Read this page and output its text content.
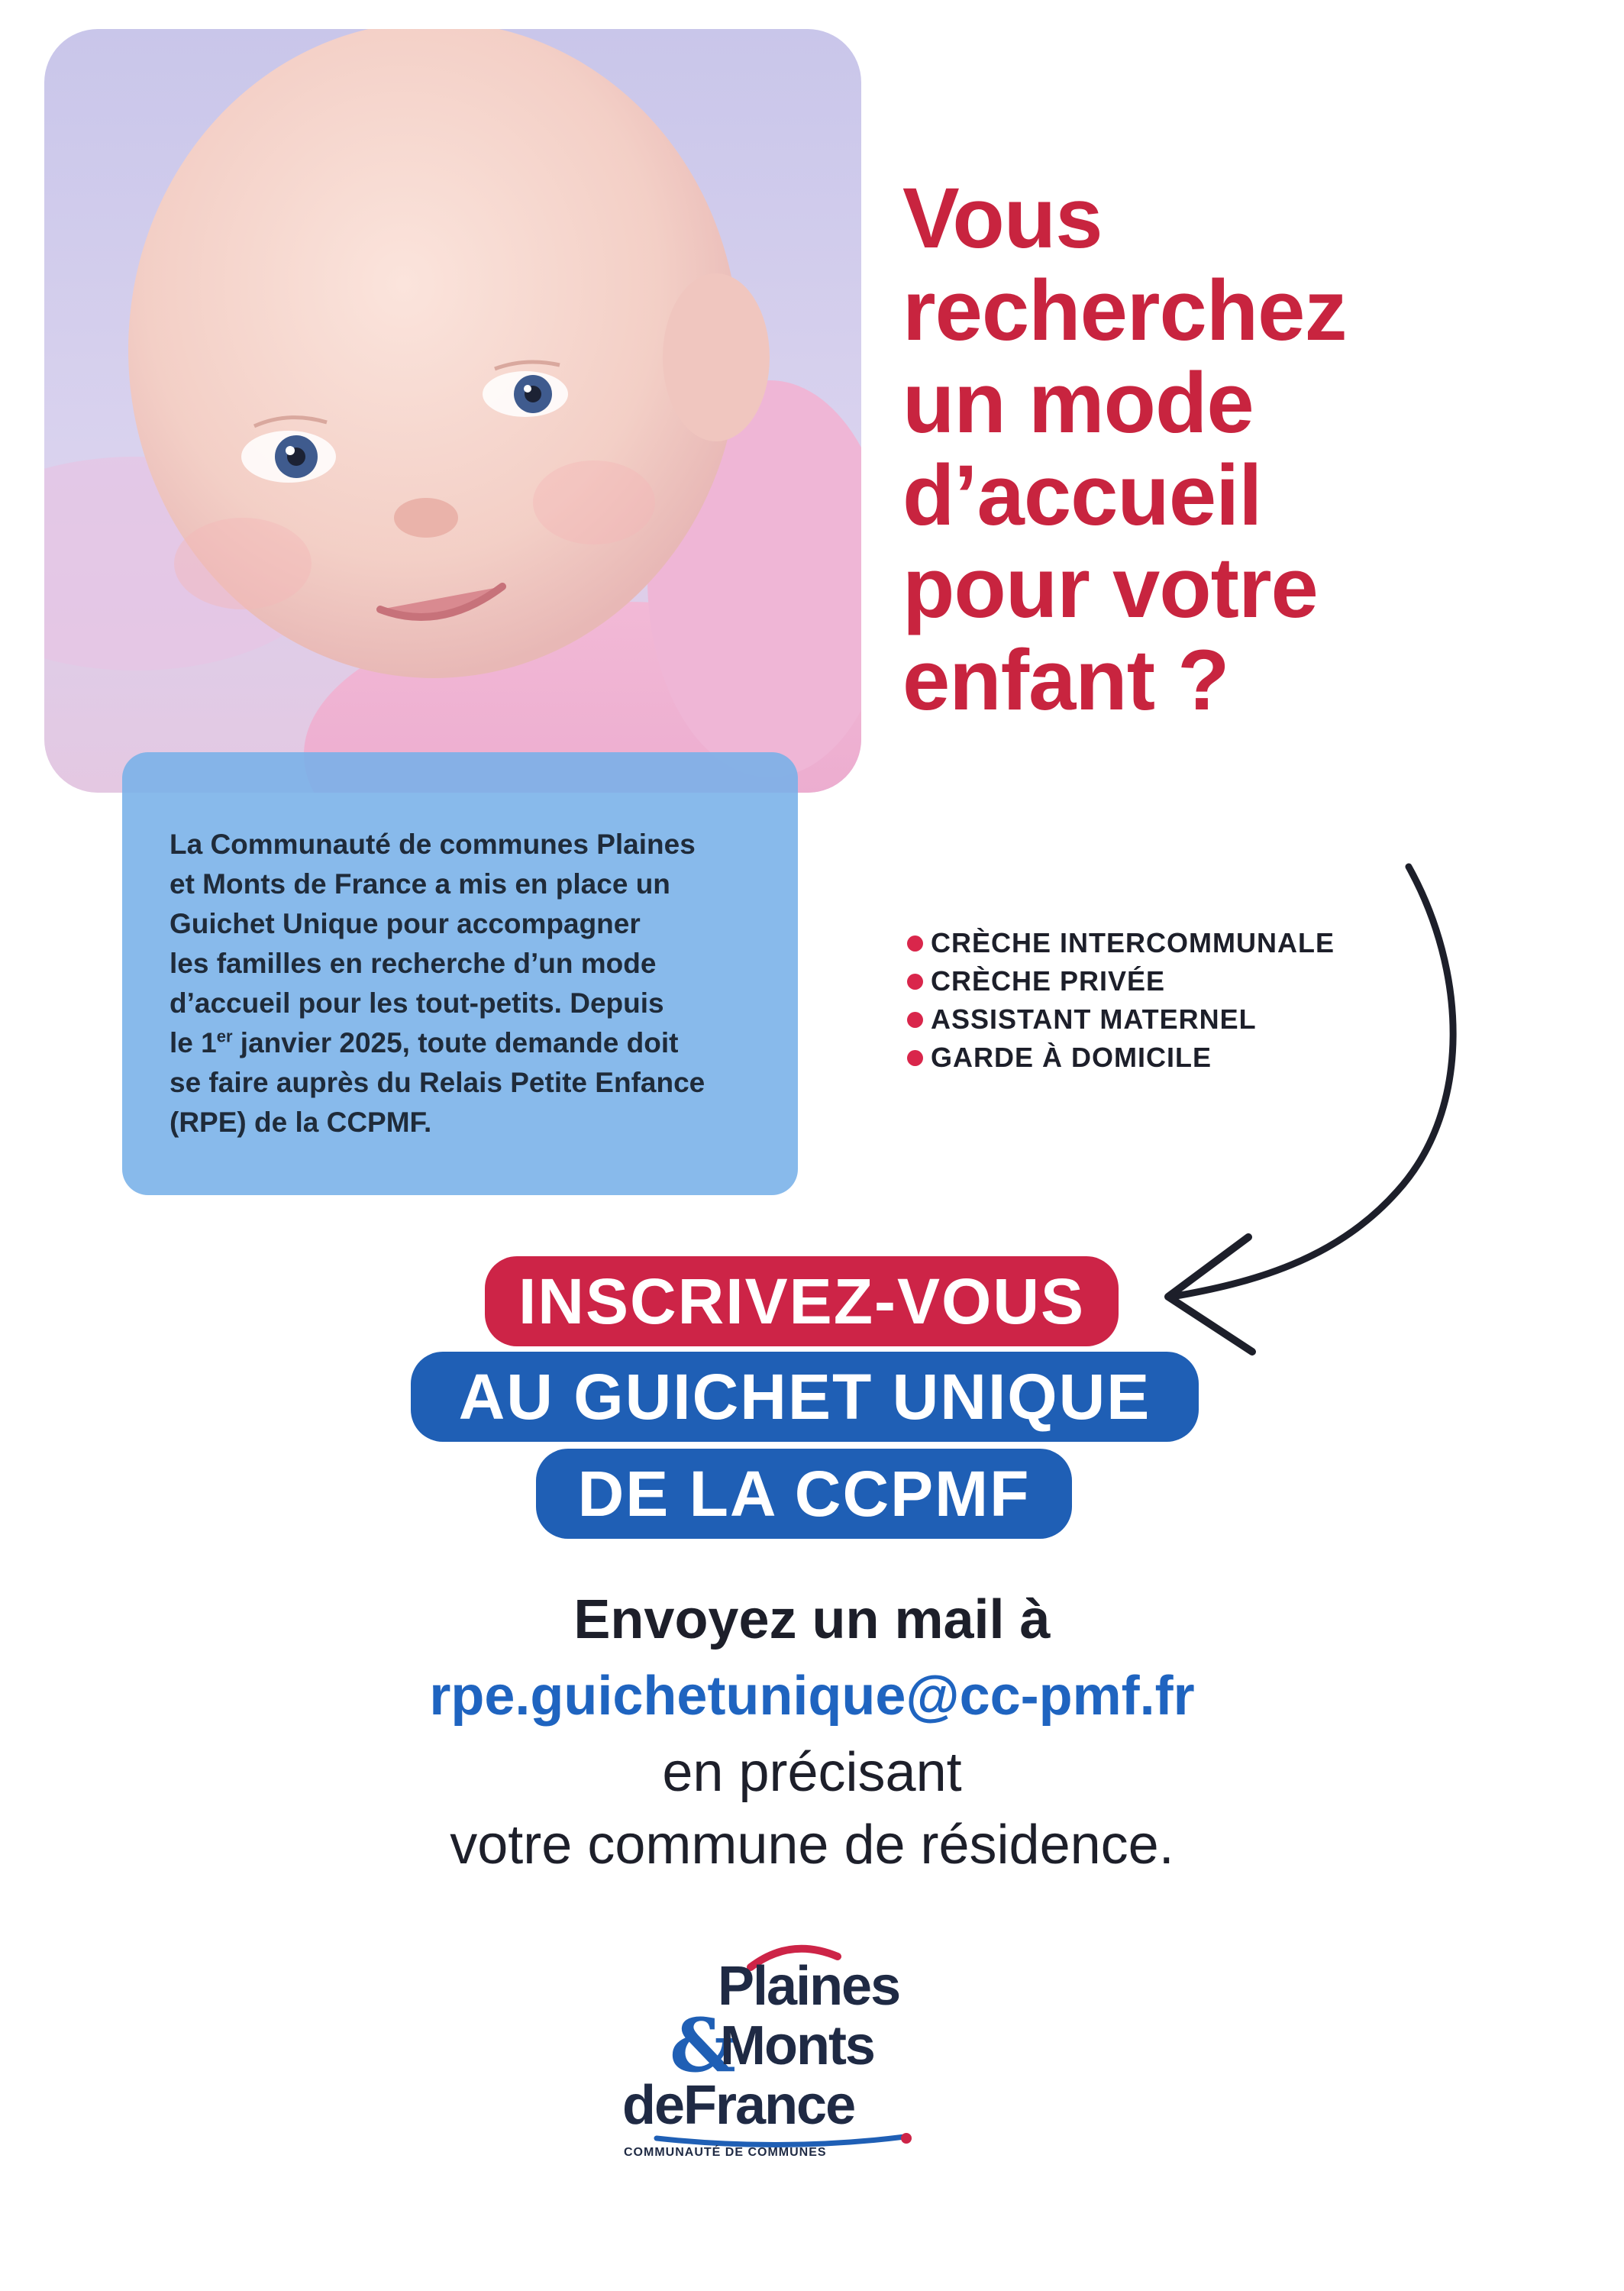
La Communauté de communes Plaines
et Monts de France a mis en place un
Guichet Unique pour accompagner
les familles en recherche d’un mode
d’accueil pour les tout-petits. Depuis
le 1er janvier 2025, toute demande doit
se faire auprès du Relais Petite Enfance
(RPE) de la CCPMF.
Vous
recherchez
un mode
d’accueil
pour votre
enfant ?
CRÈCHE INTERCOMMUNALE
CRÈCHE PRIVÉE
ASSISTANT MATERNEL
GARDE À DOMICILE
INSCRIVEZ-VOUS
AU GUICHET UNIQUE
DE LA CCPMF
Envoyez un mail à
rpe.guichetunique@cc-pmf.fr
en précisant
votre commune de résidence.
Plaines
&
Monts
deFrance
COMMUNAUTÉ DE COMMUNES
